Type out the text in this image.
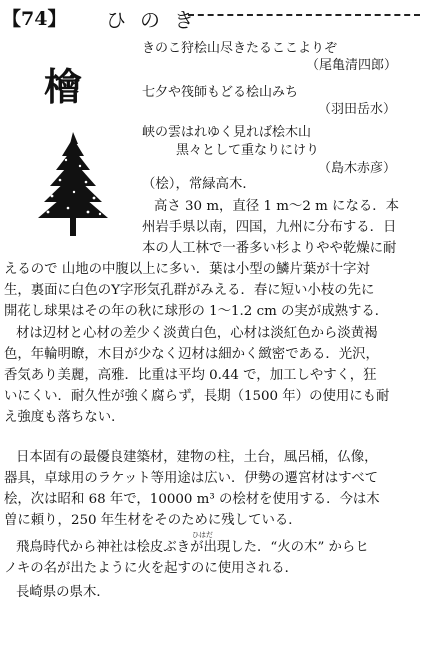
【74】 ひのき
檜
きのこ狩桧山尽きたるここよりぞ
（尾亀清四郎）
七夕や筏師もどる桧山みち
（羽田岳水）
峡の雲はれゆく見れば桧木山
黒々として重なりにけり
（島木赤彦）
（桧），常緑高木．
高さ 30 m，直径 1 m〜2 m になる．本
州岩手県以南，四国，九州に分布する．日
本の人工林で一番多い杉よりやや乾燥に耐
えるので 山地の中腹以上に多い．葉は小型の鱗片葉が十字対
生，裏面に白色のY字形気孔群がみえる．春に短い小枝の先に
開花し球果はその年の秋に球形の 1〜1.2 cm の実が成熟する．
材は辺材と心材の差少く淡黄白色，心材は淡紅色から淡黄褐
色，年輪明瞭，木目が少なく辺材は細かく緻密である．光沢，
香気あり美麗，高雅．比重は平均 0.44 で，加工しやすく，狂
いにくい．耐久性が強く腐らず，長期（1500 年）の使用にも耐
え強度も落ちない．
日本固有の最優良建築材，建物の柱，土台，風呂桶，仏像，
器具，卓球用のラケット等用途は広い．伊勢の遷宮材はすべて
桧，次は昭和 68 年で，10000 m³ の桧材を使用する．今は木
曽に頼り，250 年生材をそのために残している．
ひはだ
飛鳥時代から神社は桧皮ぶきが出現した．“火の木” からヒ
ノキの名が出たように火を起すのに使用される．
長崎県の県木．
